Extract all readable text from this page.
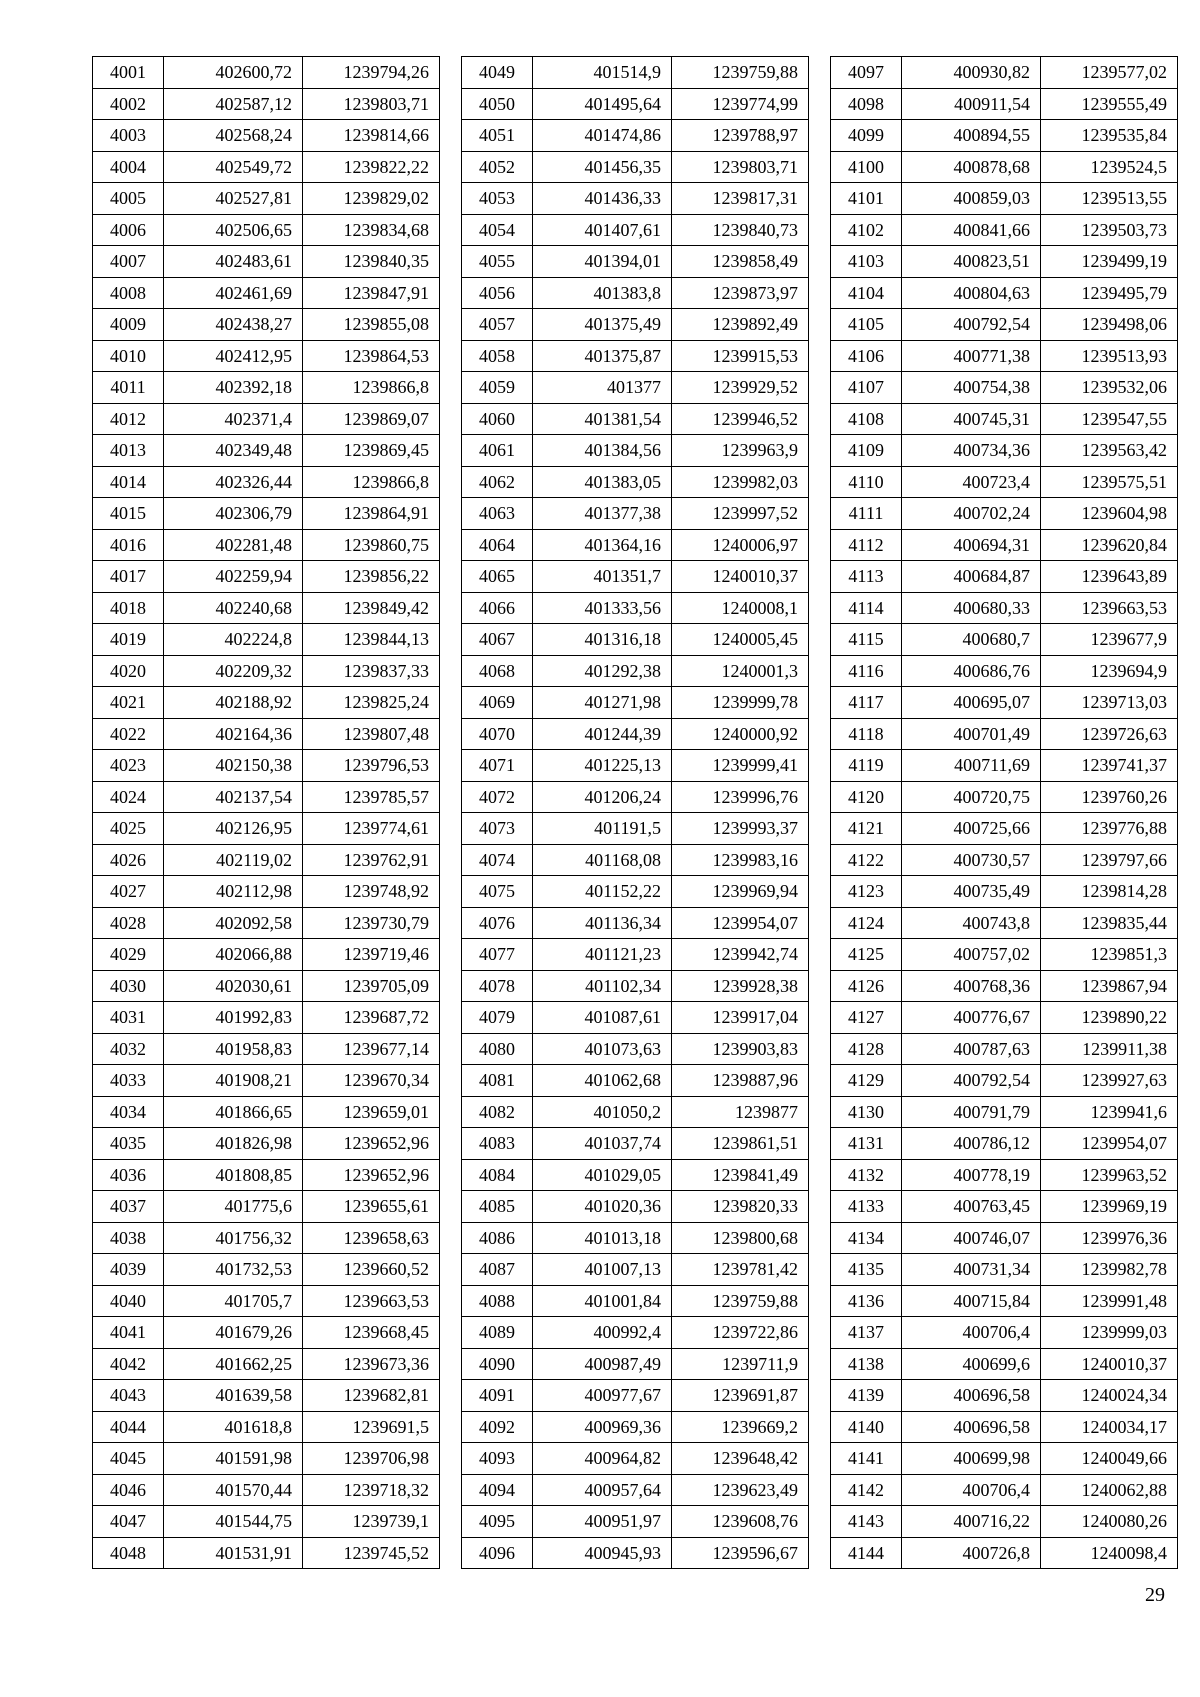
4001	402600,72	1239794,26
4002	402587,12	1239803,71
4003	402568,24	1239814,66
4004	402549,72	1239822,22
4005	402527,81	1239829,02
4006	402506,65	1239834,68
4007	402483,61	1239840,35
4008	402461,69	1239847,91
4009	402438,27	1239855,08
4010	402412,95	1239864,53
4011	402392,18	1239866,8
4012	402371,4	1239869,07
4013	402349,48	1239869,45
4014	402326,44	1239866,8
4015	402306,79	1239864,91
4016	402281,48	1239860,75
4017	402259,94	1239856,22
4018	402240,68	1239849,42
4019	402224,8	1239844,13
4020	402209,32	1239837,33
4021	402188,92	1239825,24
4022	402164,36	1239807,48
4023	402150,38	1239796,53
4024	402137,54	1239785,57
4025	402126,95	1239774,61
4026	402119,02	1239762,91
4027	402112,98	1239748,92
4028	402092,58	1239730,79
4029	402066,88	1239719,46
4030	402030,61	1239705,09
4031	401992,83	1239687,72
4032	401958,83	1239677,14
4033	401908,21	1239670,34
4034	401866,65	1239659,01
4035	401826,98	1239652,96
4036	401808,85	1239652,96
4037	401775,6	1239655,61
4038	401756,32	1239658,63
4039	401732,53	1239660,52
4040	401705,7	1239663,53
4041	401679,26	1239668,45
4042	401662,25	1239673,36
4043	401639,58	1239682,81
4044	401618,8	1239691,5
4045	401591,98	1239706,98
4046	401570,44	1239718,32
4047	401544,75	1239739,1
4048	401531,91	1239745,52
4049	401514,9	1239759,88
4050	401495,64	1239774,99
4051	401474,86	1239788,97
4052	401456,35	1239803,71
4053	401436,33	1239817,31
4054	401407,61	1239840,73
4055	401394,01	1239858,49
4056	401383,8	1239873,97
4057	401375,49	1239892,49
4058	401375,87	1239915,53
4059	401377	1239929,52
4060	401381,54	1239946,52
4061	401384,56	1239963,9
4062	401383,05	1239982,03
4063	401377,38	1239997,52
4064	401364,16	1240006,97
4065	401351,7	1240010,37
4066	401333,56	1240008,1
4067	401316,18	1240005,45
4068	401292,38	1240001,3
4069	401271,98	1239999,78
4070	401244,39	1240000,92
4071	401225,13	1239999,41
4072	401206,24	1239996,76
4073	401191,5	1239993,37
4074	401168,08	1239983,16
4075	401152,22	1239969,94
4076	401136,34	1239954,07
4077	401121,23	1239942,74
4078	401102,34	1239928,38
4079	401087,61	1239917,04
4080	401073,63	1239903,83
4081	401062,68	1239887,96
4082	401050,2	1239877
4083	401037,74	1239861,51
4084	401029,05	1239841,49
4085	401020,36	1239820,33
4086	401013,18	1239800,68
4087	401007,13	1239781,42
4088	401001,84	1239759,88
4089	400992,4	1239722,86
4090	400987,49	1239711,9
4091	400977,67	1239691,87
4092	400969,36	1239669,2
4093	400964,82	1239648,42
4094	400957,64	1239623,49
4095	400951,97	1239608,76
4096	400945,93	1239596,67
4097	400930,82	1239577,02
4098	400911,54	1239555,49
4099	400894,55	1239535,84
4100	400878,68	1239524,5
4101	400859,03	1239513,55
4102	400841,66	1239503,73
4103	400823,51	1239499,19
4104	400804,63	1239495,79
4105	400792,54	1239498,06
4106	400771,38	1239513,93
4107	400754,38	1239532,06
4108	400745,31	1239547,55
4109	400734,36	1239563,42
4110	400723,4	1239575,51
4111	400702,24	1239604,98
4112	400694,31	1239620,84
4113	400684,87	1239643,89
4114	400680,33	1239663,53
4115	400680,7	1239677,9
4116	400686,76	1239694,9
4117	400695,07	1239713,03
4118	400701,49	1239726,63
4119	400711,69	1239741,37
4120	400720,75	1239760,26
4121	400725,66	1239776,88
4122	400730,57	1239797,66
4123	400735,49	1239814,28
4124	400743,8	1239835,44
4125	400757,02	1239851,3
4126	400768,36	1239867,94
4127	400776,67	1239890,22
4128	400787,63	1239911,38
4129	400792,54	1239927,63
4130	400791,79	1239941,6
4131	400786,12	1239954,07
4132	400778,19	1239963,52
4133	400763,45	1239969,19
4134	400746,07	1239976,36
4135	400731,34	1239982,78
4136	400715,84	1239991,48
4137	400706,4	1239999,03
4138	400699,6	1240010,37
4139	400696,58	1240024,34
4140	400696,58	1240034,17
4141	400699,98	1240049,66
4142	400706,4	1240062,88
4143	400716,22	1240080,26
4144	400726,8	1240098,4
29
